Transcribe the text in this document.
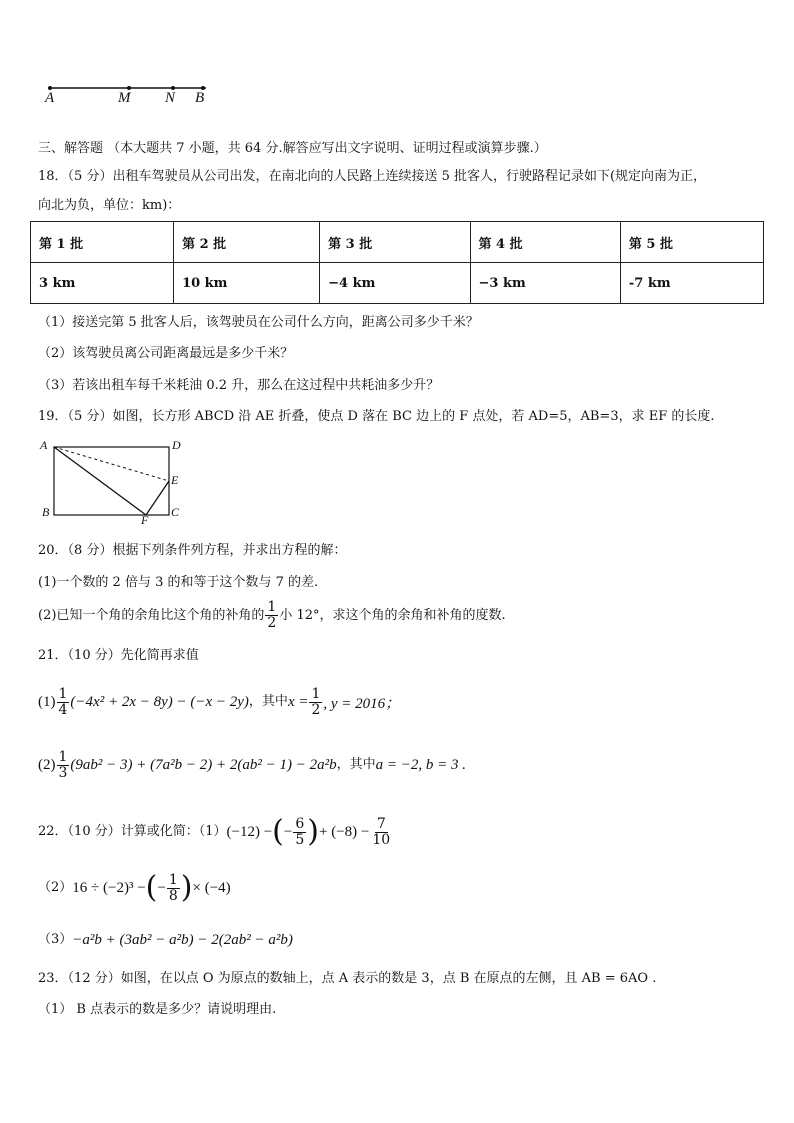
A	M N B
三、解答题 （本大题共 7 小题，共 64 分.解答应写出文字说明、证明过程或演算步骤.）
18．（5 分）出租车驾驶员从公司出发，在南北向的人民路上连续接送 5 批客人，行驶路程记录如下(规定向南为正，
向北为负，单位：km)：
第 1 批	第 2 批	第 3 批	第 4 批	第 5 批
3 km	10 km	−4 km	−3 km	-7 km
（1）接送完第 5 批客人后，该驾驶员在公司什么方向，距离公司多少千米？
（2）该驾驶员离公司距离最远是多少千米？
（3）若该出租车每千米耗油 0.2 升，那么在这过程中共耗油多少升？
19．（5 分）如图，长方形 ABCD 沿 AE 折叠，使点 D 落在 BC 边上的 F 点处，若 AD=5，AB=3，求 EF 的长度.
A	D
E
B
F
C
20．（8 分）根据下列条件列方程，并求出方程的解：
(1)一个数的 2 倍与 3 的和等于这个数与 7 的差.
(2)已知一个角的余角比这个角的补角的 $\frac{1}{2}$ 小 12°，求这个角的余角和补角的度数.
21．（10 分）先化简再求值
$(1) \frac{1}{4} (-4x^2 + 2x - 8y) - (-x - 2y)$ ，其中 $x = \frac{1}{2}$ , y = 2016；
$(2) \frac{1}{3} (9ab^2 - 3) + (7a^2b - 2) + 2(ab^2 - 1) - 2a^2b$ ，其中 a = −2, b = 3 .
22．（10 分）计算或化简：（1） (−12) − ( − $\frac{6}{5}$ ) + $(-8) - \frac{7}{10}$
（2） 16 ÷ (−2)³ − ( − $\frac{1}{8}$ ) × (−4)
（3） −a²b + (3ab² − a²b) − 2(2ab² − a²b)
23．（12 分）如图，在以点 O 为原点的数轴上，点 A 表示的数是 3，点 B 在原点的左侧，且 AB = 6AO .
（1） B 点表示的数是多少？请说明理由.
